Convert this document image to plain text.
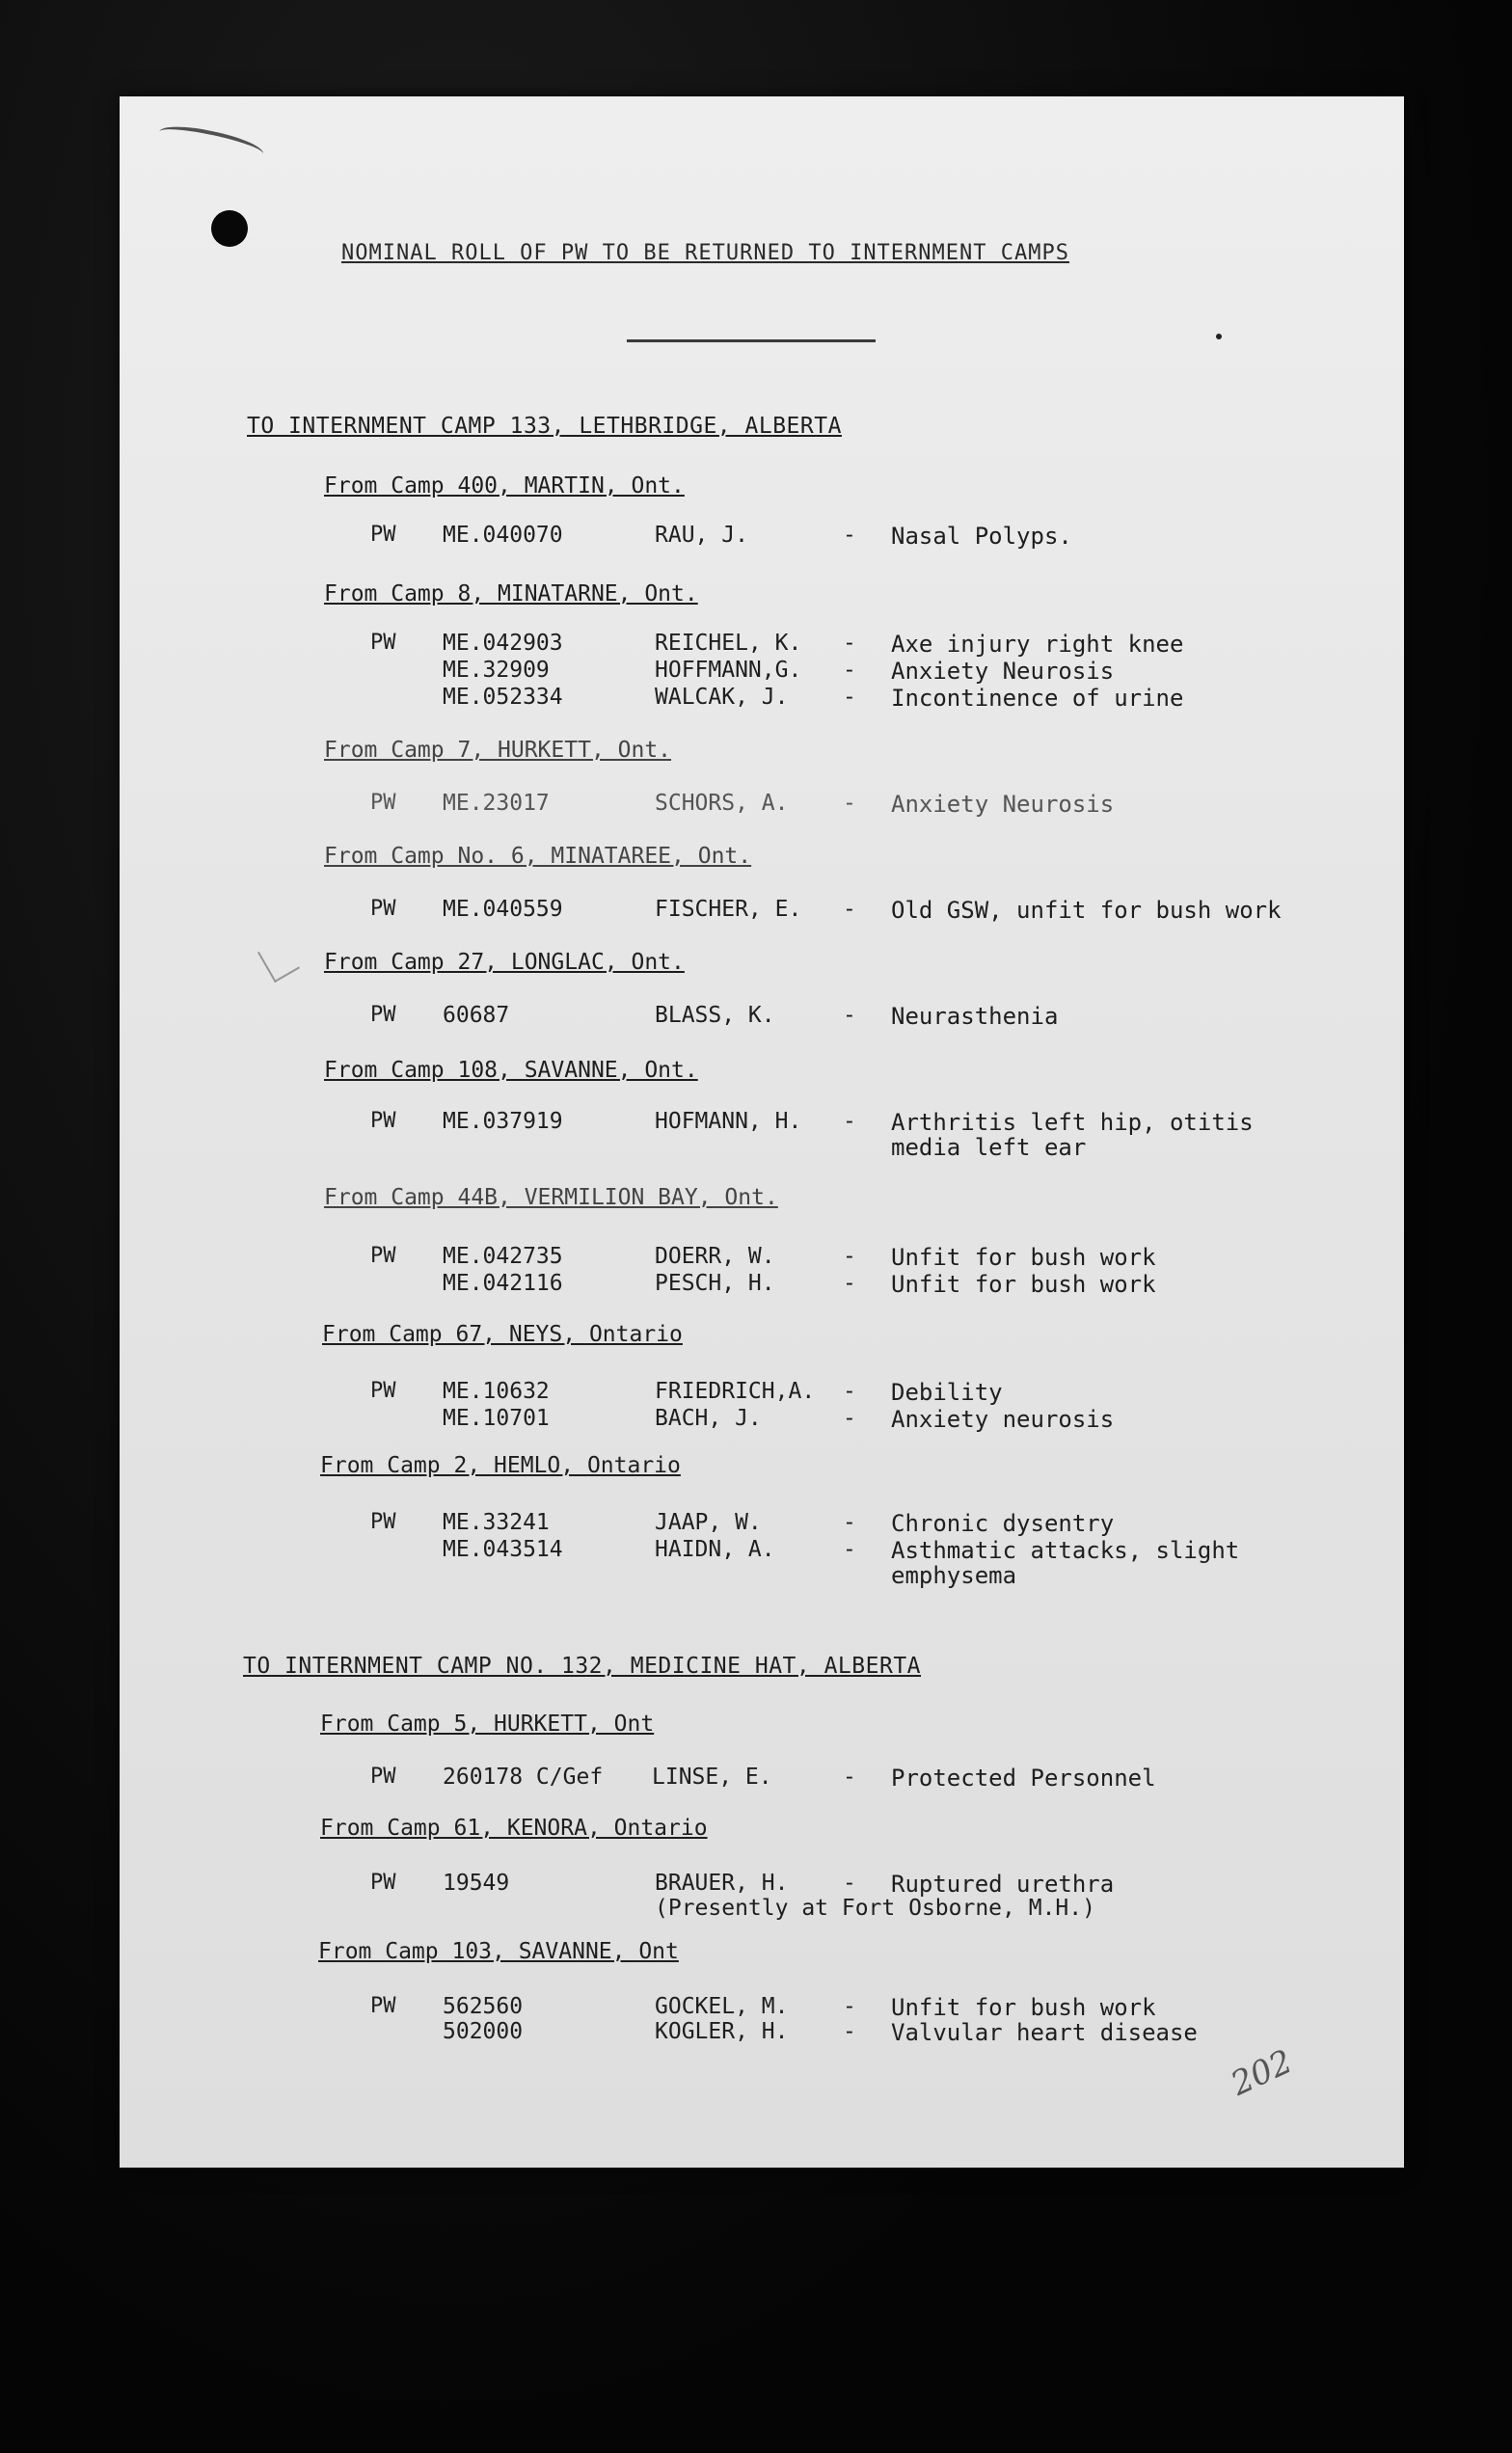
NOMINAL ROLL OF PW TO BE RETURNED TO INTERNMENT CAMPS
TO INTERNMENT CAMP 133, LETHBRIDGE, ALBERTA
From Camp 400, MARTIN, Ont.
PW ME.040070	RAU, J.	- Nasal Polyps.
From Camp 8, MINATARNE, Ont.
PW ME.042903	REICHEL, K. - Axe injury right knee
ME.32909	HOFFMANN,G. - Anxiety Neurosis
ME.052334	WALCAK, J. - Incontinence of urine
From Camp 7, HURKETT, Ont.
PW ME.23017	SCHORS, A. - Anxiety Neurosis
From Camp No. 6, MINATAREE, Ont.
PW ME.040559	FISCHER, E. - Old GSW, unfit for bush work
From Camp 27, LONGLAC, Ont.
PW 60687	BLASS, K.	- Neurasthenia
From Camp 108, SAVANNE, Ont.
PW ME.037919	HOFMANN, H. - Arthritis left hip, otitis
media left ear
From Camp 44B, VERMILION BAY, Ont.
PW ME.042735	DOERR, W.	- Unfit for bush work
ME.042116	PESCH, H.	- Unfit for bush work
From Camp 67, NEYS, Ontario
PW ME.10632	FRIEDRICH,A. - Debility
ME.10701	BACH, J.	- Anxiety neurosis
From Camp 2, HEMLO, Ontario
PW ME.33241	JAAP, W.	- Chronic dysentry
ME.043514	HAIDN, A.	- Asthmatic attacks, slight
emphysema
TO INTERNMENT CAMP NO. 132, MEDICINE HAT, ALBERTA
From Camp 5, HURKETT, Ont
PW 260178 C/Gef LINSE, E.	- Protected Personnel
From Camp 61, KENORA, Ontario
PW 19549	BRAUER, H. - Ruptured urethra
(Presently at Fort Osborne, M.H.)
From Camp 103, SAVANNE, Ont
PW 562560	GOCKEL, M. - Unfit for bush work
502000	KOGLER, H. - Valvular heart disease
202
